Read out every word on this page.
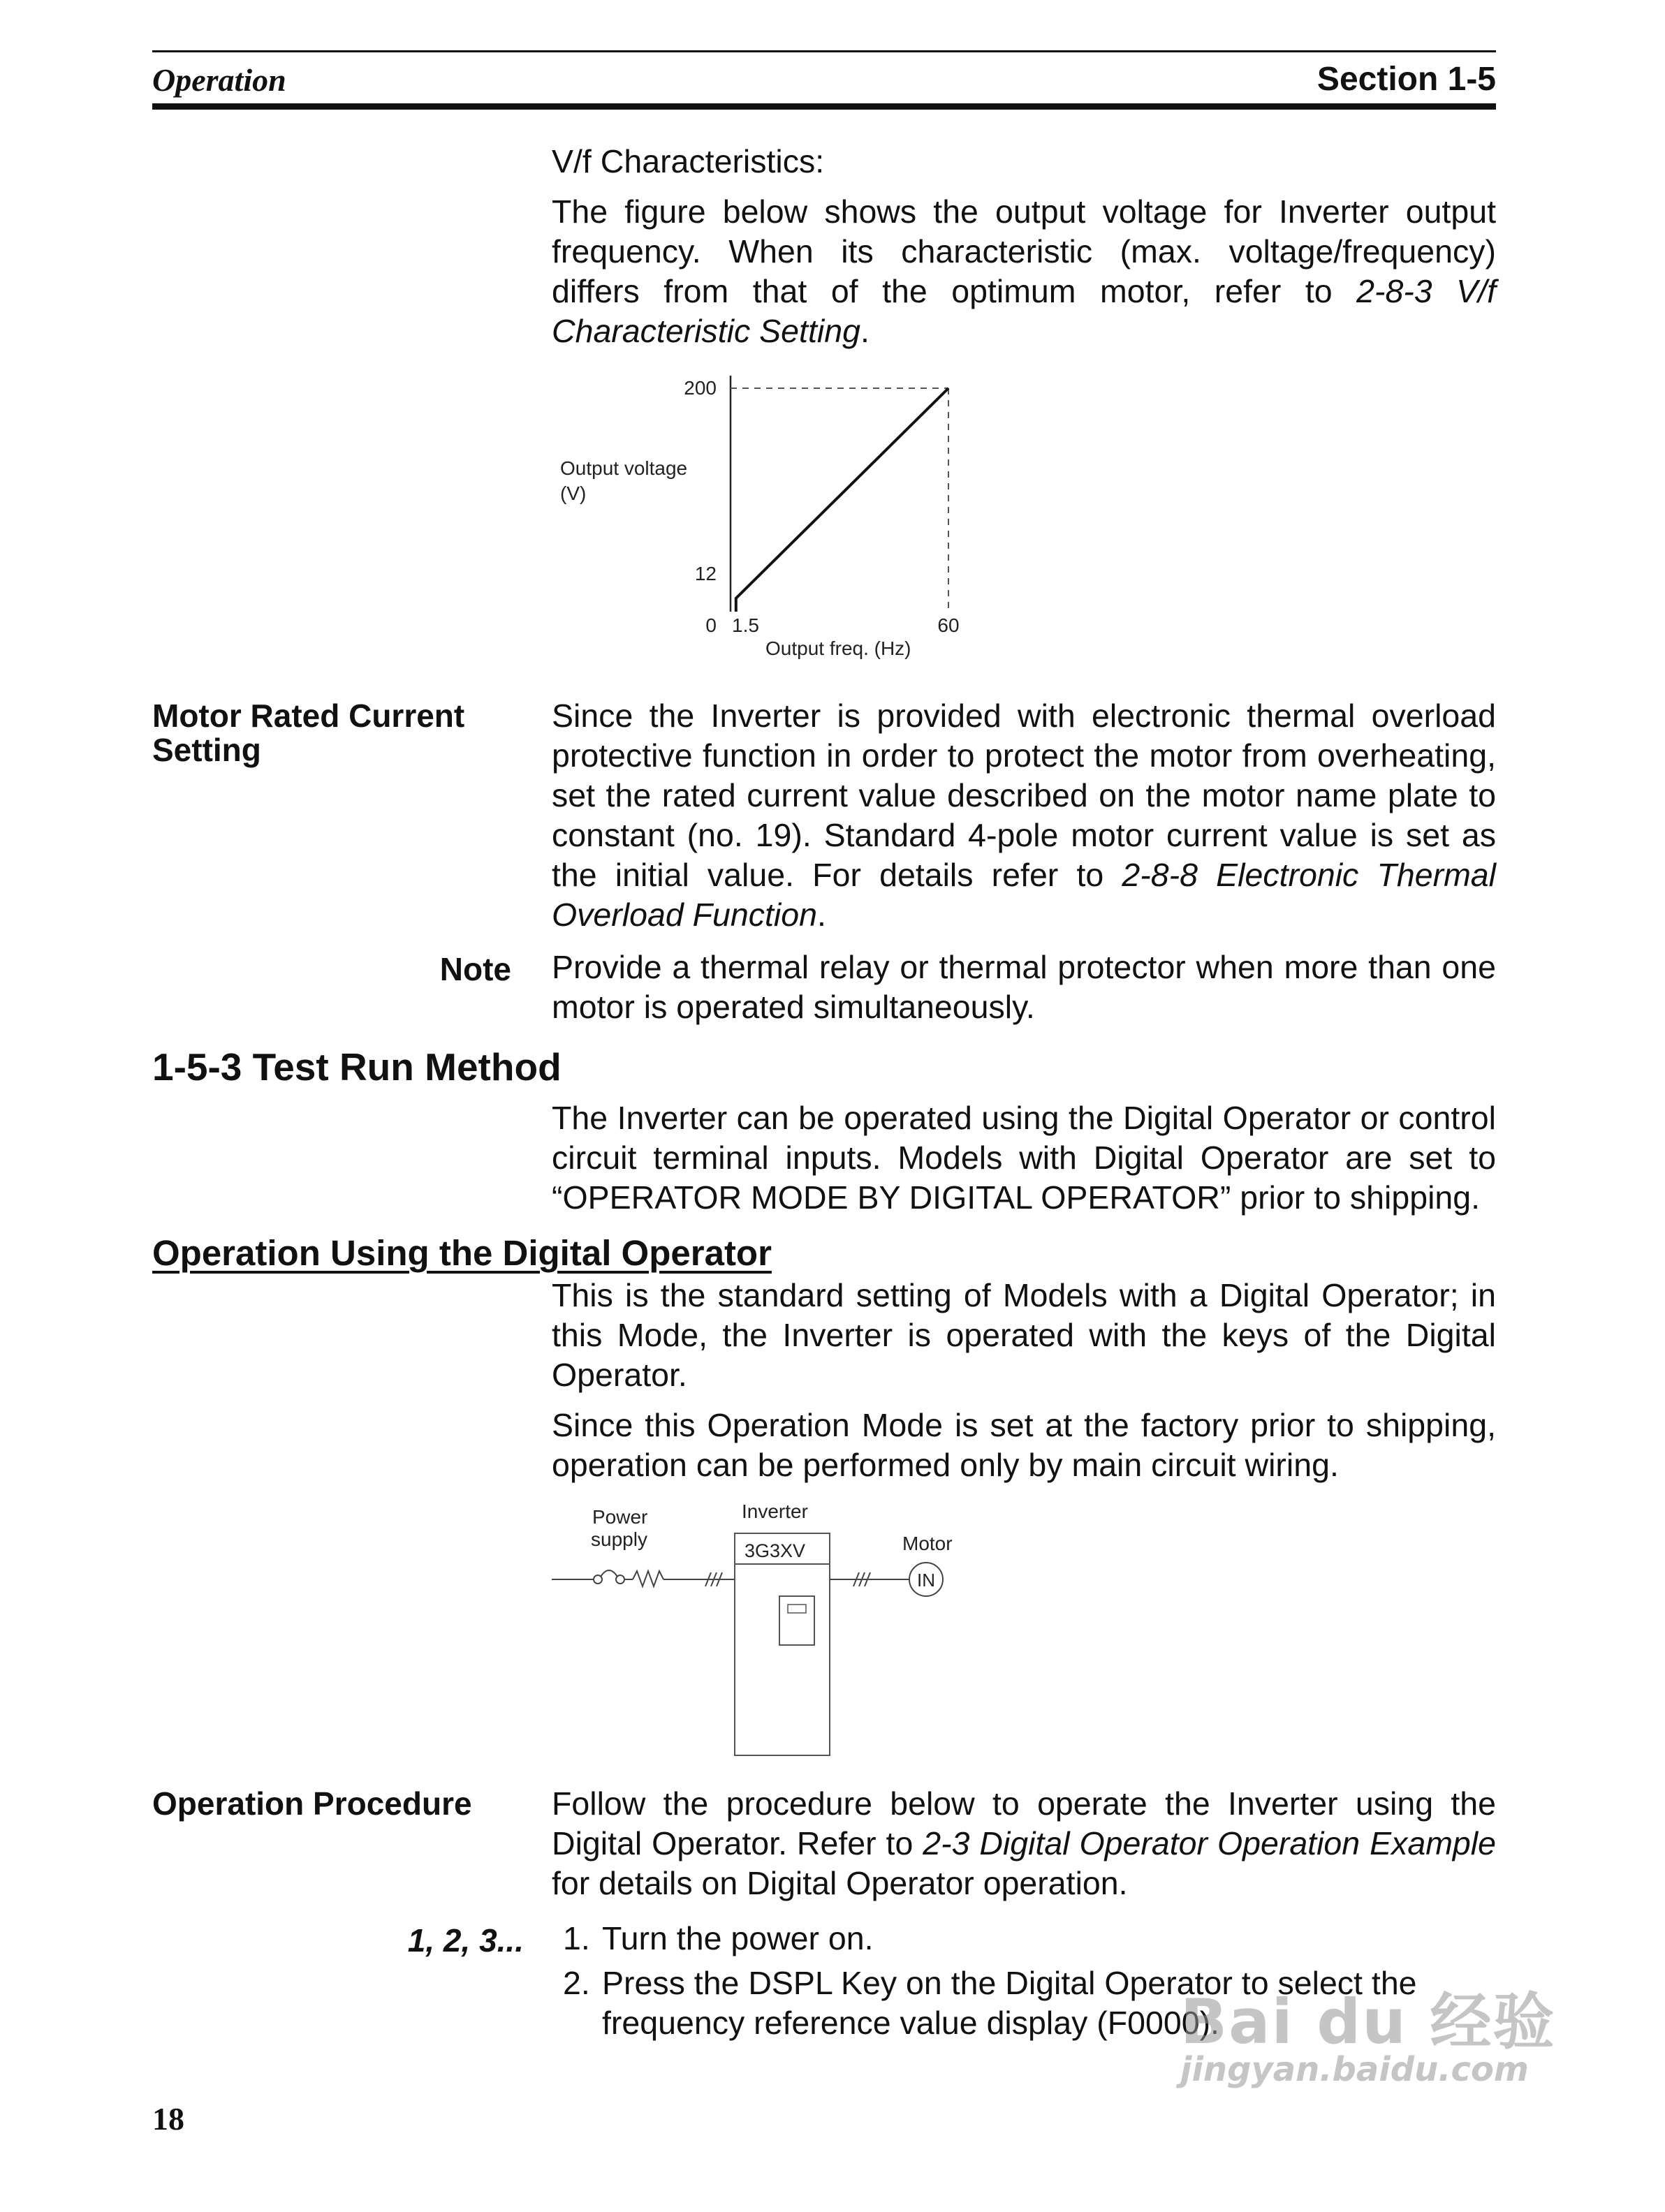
Operation	Section 1-5
V/f Characteristics:
The figure below shows the output voltage for Inverter output frequency. When its characteristic (max. voltage/frequency) differs from that of the optimum motor, refer to 2-8-3 V/f Characteristic Setting.
200
12
0 1.5	60
Output freq. (Hz)
Output voltage
(V)
Motor Rated Current Setting
Since the Inverter is provided with electronic thermal overload protective function in order to protect the motor from overheating, set the rated current value described on the motor name plate to constant (no. 19). Standard 4-pole motor current value is set as the initial value. For details refer to 2-8-8 Electronic Thermal Overload Function.
Note Provide a thermal relay or thermal protector when more than one motor is operated simultaneously.
1-5-3 Test Run Method
The Inverter can be operated using the Digital Operator or control circuit terminal inputs. Models with Digital Operator are set to “OPERATOR MODE BY DIGITAL OPERATOR” prior to shipping.
Operation Using the Digital Operator
This is the standard setting of Models with a Digital Operator; in this Mode, the Inverter is operated with the keys of the Digital Operator.
Since this Operation Mode is set at the factory prior to shipping, operation can be performed only by main circuit wiring.
Power
supply
Inverter
Motor
3G3XV
IN
Operation Procedure Follow the procedure below to operate the Inverter using the Digital Operator. Refer to 2-3 Digital Operator Operation Example for details on Digital Operator operation.
1, 2, 3... 1. Turn the power on.
2. Press the DSPL Key on the Digital Operator to select the frequency reference value display (F0000).
18
Bai du 经验
jingyan.baidu.com
